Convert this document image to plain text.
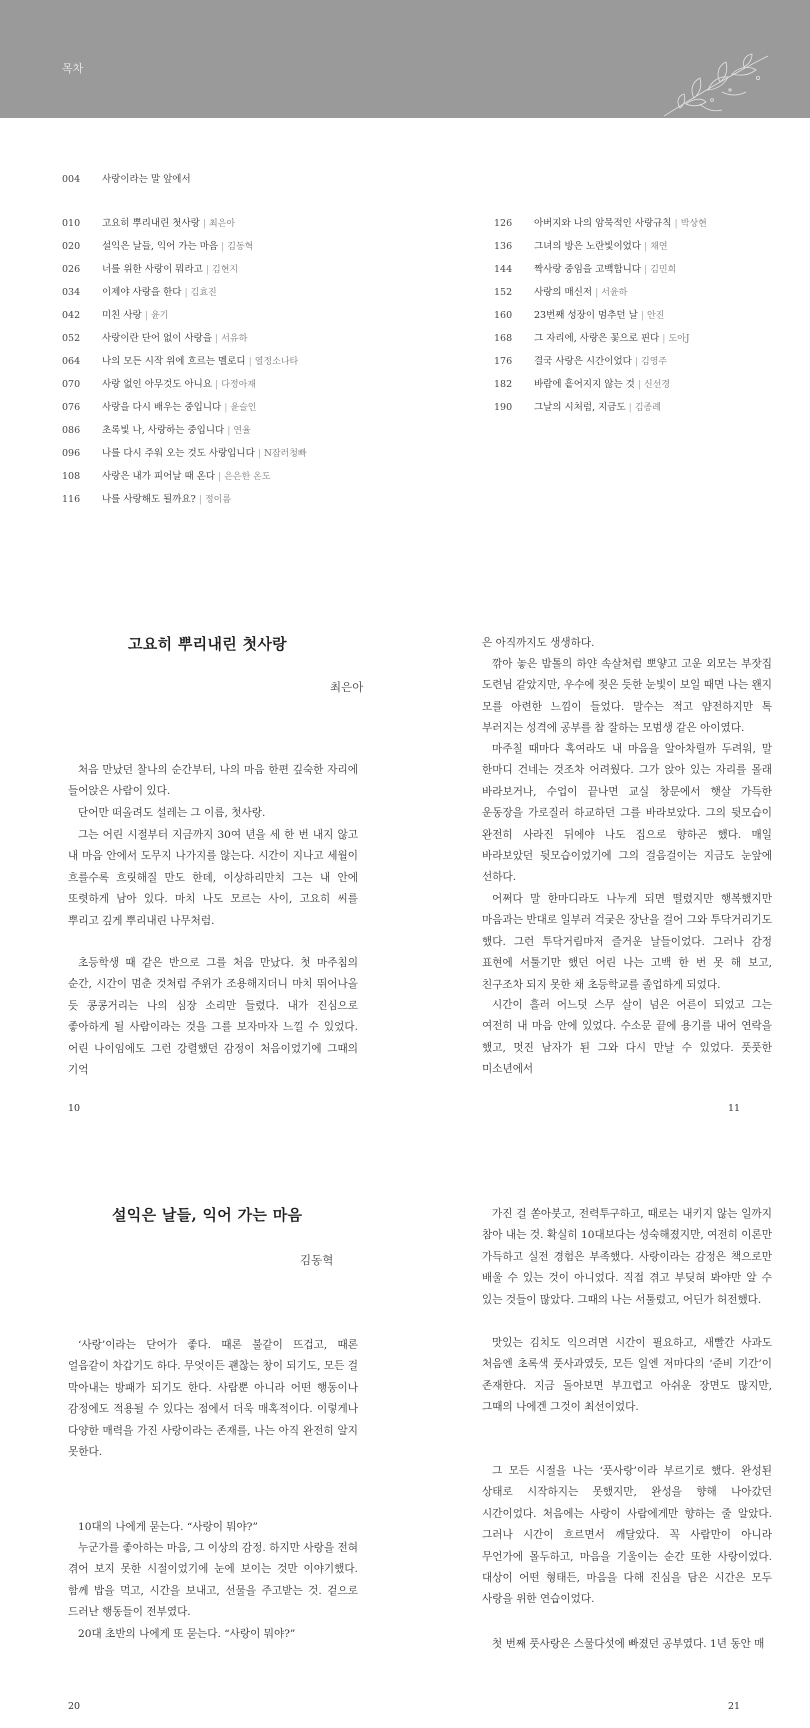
목차
004 사랑이라는 말 앞에서
010 고요히 뿌리내린 첫사랑 | 최은아
020 설익은 날들, 익어 가는 마음 | 김동혁
026 너를 위한 사랑이 뭐라고 | 김현지
034 이제야 사랑을 한다 | 김효진
042 미친 사랑 | 윤기
052 사랑이란 단어 없이 사랑을 | 서유하
064 나의 모든 시작 위에 흐르는 멜로디 | 열정소나타
070 사랑 없인 아무것도 아니요 | 다정아재
076 사랑을 다시 배우는 중입니다 | 윤슬인
086 초록빛 나, 사랑하는 중입니다 | 연율
096 나를 다시 주워 오는 것도 사랑입니다 | N잡러청빠
108 사랑은 내가 피어날 때 온다 | 은은한 온도
116 나를 사랑해도 될까요? | 정이름
126 아버지와 나의 암묵적인 사랑규칙 | 박상현
136 그녀의 방은 노란빛이었다 | 채연
144 짝사랑 중임을 고백합니다 | 김민희
152 사랑의 매신저 | 서윤하
160 23번째 성장이 멈추던 날 | 안진
168 그 자리에, 사랑은 꽃으로 핀다 | 도아J
176 결국 사랑은 시간이었다 | 김영주
182 바람에 흩어지지 않는 것 | 신선경
190 그날의 시처럼, 지금도 | 김종례
고요히 뿌리내린 첫사랑
최은아

처음 만났던 찰나의 순간부터, 나의 마음 한편 깊숙한 자리에 들어앉은 사람이 있다.

단어만 떠올려도 설레는 그 이름, 첫사랑.

그는 어린 시절부터 지금까지 30여 년을 세 한 번 내지 않고 내 마음 안에서 도무지 나가지를 않는다. 시간이 지나고 세월이 흐를수록 흐릿해질 만도 한데, 이상하리만치 그는 내 안에 또렷하게 남아 있다. 마치 나도 모르는 사이, 고요히 씨를 뿌리고 깊게 뿌리내린 나무처럼.

초등학생 때 같은 반으로 그를 처음 만났다. 첫 마주침의 순간, 시간이 멈춘 것처럼 주위가 조용해지더니 마치 뛰어나올 듯 콩콩거리는 나의 심장 소리만 들렸다. 내가 진심으로 좋아하게 될 사람이라는 것을 그를 보자마자 느낄 수 있었다. 어린 나이임에도 그런 강렬했던 감정이 처음이었기에 그때의 기억

10

은 아직까지도 생생하다.

깎아 놓은 밤톨의 하얀 속살처럼 뽀얗고 고운 외모는 부잣집 도련님 같았지만, 우수에 젖은 듯한 눈빛이 보일 때면 나는 왠지 모를 아련한 느낌이 들었다. 말수는 적고 얌전하지만 톡 부러지는 성격에 공부를 참 잘하는 모범생 같은 아이였다.

마주칠 때마다 혹여라도 내 마음을 알아차릴까 두려워, 말 한마디 건네는 것조차 어려웠다. 그가 앉아 있는 자리를 몰래 바라보거나, 수업이 끝나면 교실 창문에서 햇살 가득한 운동장을 가로질러 하교하던 그를 바라보았다. 그의 뒷모습이 완전히 사라진 뒤에야 나도 집으로 향하곤 했다. 매일 바라보았던 뒷모습이었기에 그의 걸음걸이는 지금도 눈앞에 선하다.

어쩌다 말 한마디라도 나누게 되면 떨렸지만 행복했지만 마음과는 반대로 일부러 걱궂은 장난을 걸어 그와 투닥거리기도 했다. 그런 투닥거림마저 즐거운 날들이었다. 그러나 감정 표현에 서툴기만 했던 어린 나는 고백 한 번 못 해 보고, 친구조차 되지 못한 채 초등학교를 졸업하게 되었다.

시간이 흘러 어느덧 스무 살이 넘은 어른이 되었고 그는 여전히 내 마음 안에 있었다. 수소문 끝에 용기를 내어 연락을 했고, 멋진 남자가 된 그와 다시 만날 수 있었다. 풋풋한 미소년에서

11
설익은 날들, 익어 가는 마음
김동혁

‘사랑’이라는 단어가 좋다. 때론 불같이 뜨겁고, 때론 얼음같이 차갑기도 하다. 무엇이든 괜찮는 창이 되기도, 모든 걸 막아내는 방패가 되기도 한다. 사람뿐 아니라 어떤 행동이나 감정에도 적용될 수 있다는 점에서 더욱 매혹적이다. 이렇게나 다양한 매력을 가진 사랑이라는 존재를, 나는 아직 완전히 알지 못한다.

10대의 나에게 묻는다. “사랑이 뭐야?”

누군가를 좋아하는 마음, 그 이상의 감정. 하지만 사랑을 전혀 겪어 보지 못한 시절이었기에 눈에 보이는 것만 이야기했다. 함께 밥을 먹고, 시간을 보내고, 선물을 주고받는 것. 겉으로 드러난 행동들이 전부였다.

20대 초반의 나에게 또 묻는다. “사랑이 뭐야?”

20

가진 걸 쏟아붓고, 전력투구하고, 때로는 내키지 않는 일까지 참아 내는 것. 확실히 10대보다는 성숙해졌지만, 여전히 이론만 가득하고 실전 경험은 부족했다. 사랑이라는 감정은 책으로만 배울 수 있는 것이 아니었다. 직접 겪고 부딪혀 봐야만 알 수 있는 것들이 많았다. 그때의 나는 서툴렀고, 어딘가 허전했다.

맛있는 김치도 익으려면 시간이 필요하고, 새빨간 사과도 처음엔 초록색 풋사과였듯, 모든 일엔 저마다의 ‘준비 기간’이 존재한다. 지금 돌아보면 부끄럽고 아쉬운 장면도 많지만, 그때의 나에겐 그것이 최선이었다.

그 모든 시절을 나는 ‘풋사랑’이라 부르기로 했다. 완성된 상태로 시작하지는 못했지만, 완성을 향해 나아갔던 시간이었다. 처음에는 사랑이 사람에게만 향하는 줄 알았다. 그러나 시간이 흐르면서 깨달았다. 꼭 사람만이 아니라 무언가에 몰두하고, 마음을 기울이는 순간 또한 사랑이었다. 대상이 어떤 형태든, 마음을 다해 진심을 담은 시간은 모두 사랑을 위한 연습이었다.

첫 번째 풋사랑은 스물다섯에 빠졌던 공부였다. 1년 동안 매

21
